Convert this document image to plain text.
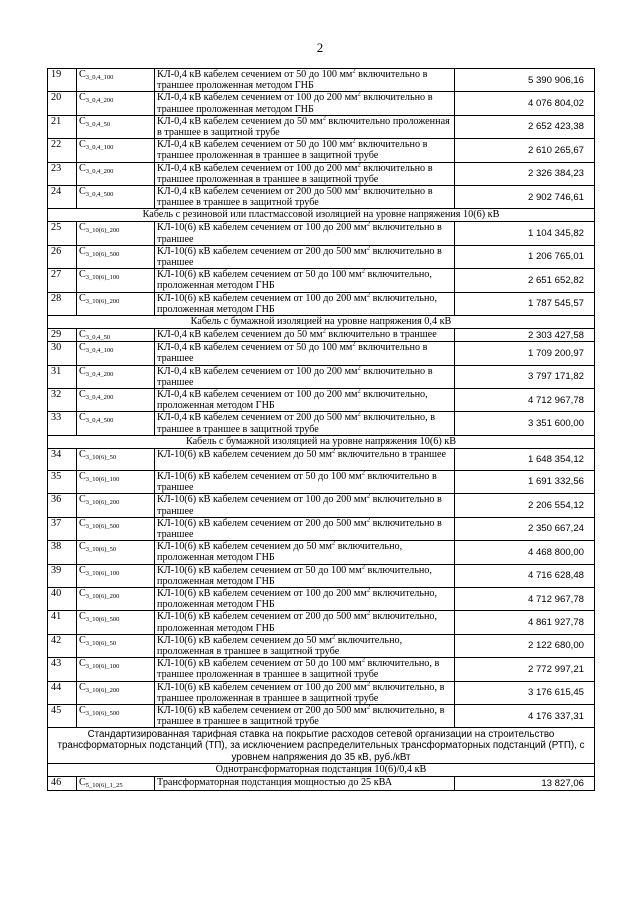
2
19	C3_0,4_100	КЛ-0,4 кВ кабелем сечением от 50 до 100 $мм^2$ включительно в траншее проложенная методом ГНБ	5 390 906,16
20	C3_0,4_200	КЛ-0,4 кВ кабелем сечением от 100 до 200 $мм^2$ включительно в траншее проложенная методом ГНБ	4 076 804,02
21	C3_0,4_50	КЛ-0,4 кВ кабелем сечением до 50 $мм^2$ включительно проложенная в траншее в защитной трубе	2 652 423,38
22	C3_0,4_100	КЛ-0,4 кВ кабелем сечением от 50 до 100 $мм^2$ включительно в траншее проложенная в траншее в защитной трубе	2 610 265,67
23	C3_0,4_200	КЛ-0,4 кВ кабелем сечением от 100 до 200 $мм^2$ включительно в траншее проложенная в траншее в защитной трубе	2 326 384,23
24	C3_0,4_500	КЛ-0,4 кВ кабелем сечением от 200 до 500 $мм^2$ включительно в траншее в траншее в защитной трубе	2 902 746,61
Кабель с резиновой или пластмассовой изоляцией на уровне напряжения 10(6) кВ			
25	C3_10(6)_200	КЛ-10(6) кВ кабелем сечением от 100 до 200 $мм^2$ включительно в траншее	1 104 345,82
26	C3_10(6)_500	КЛ-10(6) кВ кабелем сечением от 200 до 500 $мм^2$ включительно в траншее	1 206 765,01
27	C3_10(6)_100	КЛ-10(6) кВ кабелем сечением от 50 до 100 $мм^2$ включительно, проложенная методом ГНБ	2 651 652,82
28	C3_10(6)_200	КЛ-10(6) кВ кабелем сечением от 100 до 200 $мм^2$ включительно, проложенная методом ГНБ	1 787 545,57
Кабель с бумажной изоляцией на уровне напряжения 0,4 кВ			
29	C3_0,4_50	КЛ-0,4 кВ кабелем сечением до 50 $мм^2$ включительно в траншее	2 303 427,58
30	C3_0,4_100	КЛ-0,4 кВ кабелем сечением от 50 до 100 $мм^2$ включительно в траншее	1 709 200,97
31	C3_0,4_200	КЛ-0,4 кВ кабелем сечением от 100 до 200 $мм^2$ включительно в траншее	3 797 171,82
32	C3_0,4_200	КЛ-0,4 кВ кабелем сечением от 100 до 200 $мм^2$ включительно, проложенная методом ГНБ	4 712 967,78
33	C3_0,4_500	КЛ-0,4 кВ кабелем сечением от 200 до 500 $мм^2$ включительно, в траншее в траншее в защитной трубе	3 351 600,00
Кабель с бумажной изоляцией на уровне напряжения 10(6) кВ			
34	C3_10(6)_50	КЛ-10(6) кВ кабелем сечением до 50 $мм^2$ включительно в траншее	1 648 354,12
35	C3_10(6)_100	КЛ-10(6) кВ кабелем сечением от 50 до 100 $мм^2$ включительно в траншее	1 691 332,56
36	C3_10(6)_200	КЛ-10(6) кВ кабелем сечением от 100 до 200 $мм^2$ включительно в траншее	2 206 554,12
37	C3_10(6)_500	КЛ-10(6) кВ кабелем сечением от 200 до 500 $мм^2$ включительно в траншее	2 350 667,24
38	C3_10(6)_50	КЛ-10(6) кВ кабелем сечением до 50 $мм^2$ включительно, проложенная методом ГНБ	4 468 800,00
39	C3_10(6)_100	КЛ-10(6) кВ кабелем сечением от 50 до 100 $мм^2$ включительно, проложенная методом ГНБ	4 716 628,48
40	C3_10(6)_200	КЛ-10(6) кВ кабелем сечением от 100 до 200 $мм^2$ включительно, проложенная методом ГНБ	4 712 967,78
41	C3_10(6)_500	КЛ-10(6) кВ кабелем сечением от 200 до 500 $мм^2$ включительно, проложенная методом ГНБ	4 861 927,78
42	C3_10(6)_50	КЛ-10(6) кВ кабелем сечением до 50 $мм^2$ включительно, проложенная в траншее в защитной трубе	2 122 680,00
43	C3_10(6)_100	КЛ-10(6) кВ кабелем сечением от 50 до 100 $мм^2$ включительно, в траншее проложенная в траншее в защитной трубе	2 772 997,21
44	C3_10(6)_200	КЛ-10(6) кВ кабелем сечением от 100 до 200 $мм^2$ включительно, в траншее проложенная в траншее в защитной трубе	3 176 615,45
45	C3_10(6)_500	КЛ-10(6) кВ кабелем сечением от 200 до 500 $мм^2$ включительно, в траншее в траншее в защитной трубе	4 176 337,31
Стандартизированная тарифная ставка на покрытие расходов сетевой организации на строительство трансформаторных подстанций (ТП), за исключением распределительных трансформаторных подстанций (РТП), с уровнем напряжения до 35 кВ, руб./кВт			
Однотрансформаторная подстанция 10(6)/0,4 кВ			
46	C5_10(6)_1_25	Трансформаторная подстанция мощностью до 25 кВА	13 827,06
